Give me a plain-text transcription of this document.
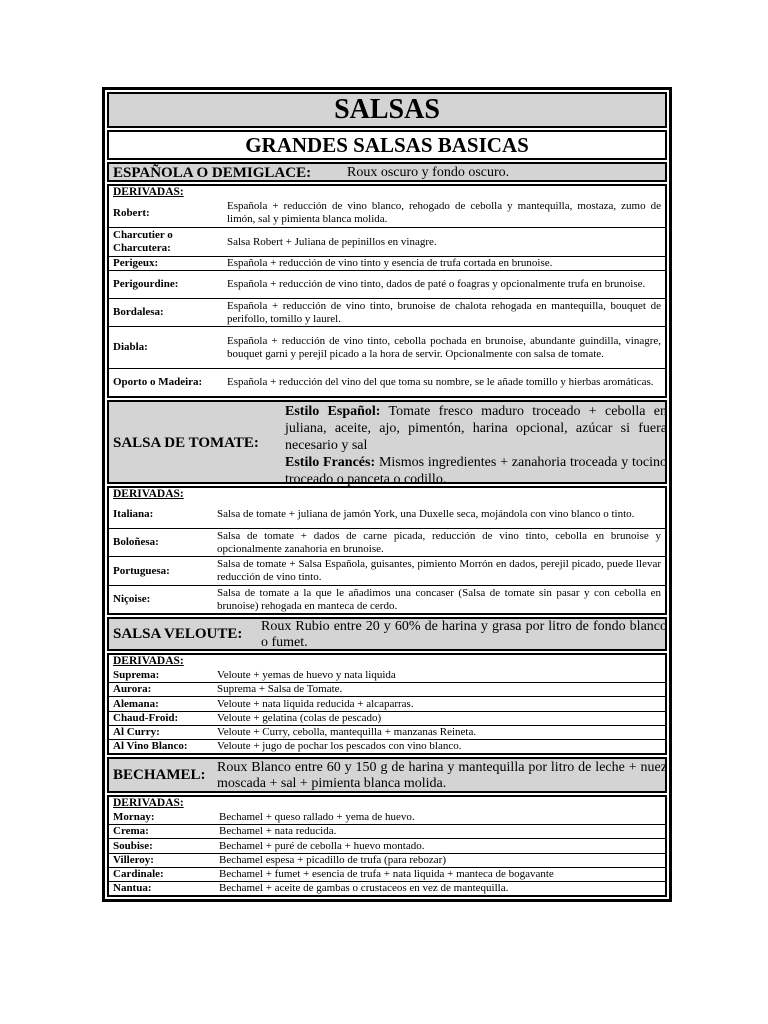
SALSAS
GRANDES SALSAS BASICAS
ESPAÑOLA O DEMIGLACE:	Roux oscuro y fondo oscuro.
DERIVADAS:
Robert:
Española + reducción de vino blanco, rehogado de cebolla y mantequilla, mostaza, zumo de limón, sal y pimienta blanca molida.
Charcutier o Charcutera:
Salsa Robert + Juliana de pepinillos en vinagre.
Perigeux:	Española + reducción de vino tinto y esencia de trufa cortada en brunoise.
Perigourdine:	Española + reducción de vino tinto, dados de paté o foagras y opcionalmente trufa en brunoise.
Bordalesa:
Española + reducción de vino tinto, brunoise de chalota rehogada en mantequilla, bouquet de perifollo, tomillo y laurel.
Diabla:
Española + reducción de vino tinto, cebolla pochada en brunoise, abundante guindilla, vinagre, bouquet garni y perejil picado a la hora de servir. Opcionalmente con salsa de tomate.
Oporto o Madeira:	Española + reducción del vino del que toma su nombre, se le añade tomillo y hierbas aromáticas.
SALSA DE TOMATE:
Estilo Español: Tomate fresco maduro troceado + cebolla en juliana, aceite, ajo, pimentón, harina opcional, azúcar si fuera necesario y sal
Estilo Francés: Mismos ingredientes + zanahoria troceada y tocino troceado o panceta o codillo.
DERIVADAS:
Italiana:	Salsa de tomate + juliana de jamón York, una Duxelle seca, mojándola con vino blanco o tinto.
Boloñesa:
Salsa de tomate + dados de carne picada, reducción de vino tinto, cebolla en brunoise y opcionalmente zanahoria en brunoise.
Portuguesa:
Salsa de tomate + Salsa Española, guisantes, pimiento Morrón en dados, perejil picado, puede llevar reducción de vino tinto.
Niçoise:
Salsa de tomate a la que le añadimos una concaser (Salsa de tomate sin pasar y con cebolla en brunoise) rehogada en manteca de cerdo.
SALSA VELOUTE: Roux Rubio entre 20 y 60% de harina y grasa por litro de fondo blanco o fumet.
DERIVADAS:
Suprema:	Veloute + yemas de huevo y nata liquida
Aurora:	Suprema + Salsa de Tomate.
Alemana:	Veloute + nata liquida reducida + alcaparras.
Chaud-Froid:	Veloute + gelatina (colas de pescado)
Al Curry:	Veloute + Curry, cebolla, mantequilla + manzanas Reineta.
Al Vino Blanco:	Veloute + jugo de pochar los pescados con vino blanco.
BECHAMEL: Roux Blanco entre 60 y 150 g de harina y mantequilla por litro de leche + nuez moscada + sal + pimienta blanca molida.
DERIVADAS:
Mornay:	Bechamel + queso rallado + yema de huevo.
Crema:	Bechamel + nata reducida.
Soubise:	Bechamel + puré de cebolla + huevo montado.
Villeroy:	Bechamel espesa + picadillo de trufa (para rebozar)
Cardinale:	Bechamel + fumet + esencia de trufa + nata liquida + manteca de bogavante
Nantua:	Bechamel + aceite de gambas o crustaceos en vez de mantequilla.
